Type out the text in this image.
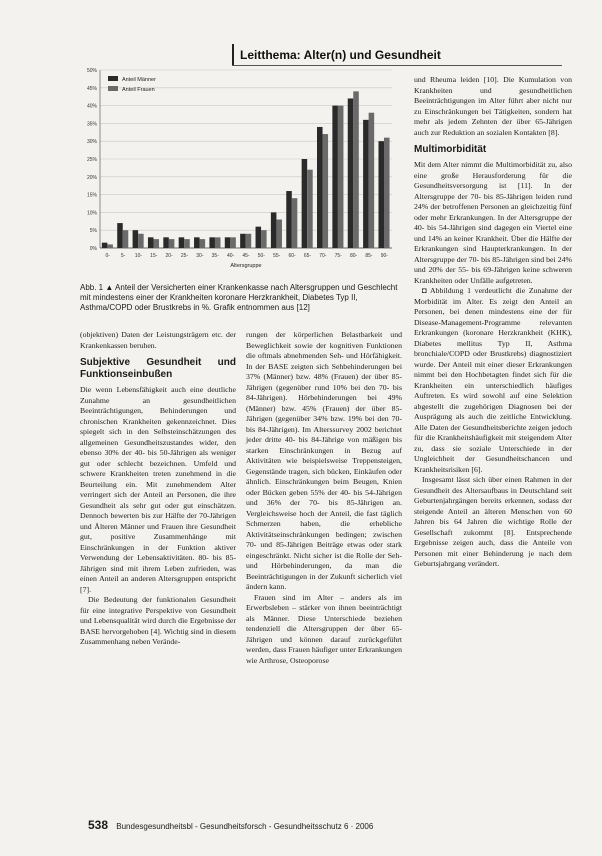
Leitthema: Alter(n) und Gesundheit
0%
5%
10%
15%
20%
25%
30%
35%
40%
45%
50%
0- 5- 10- 15- 20- 25- 30- 35- 40- 45- 50- 55- 60- 65- 70- 75- 80- 85- 90-
Altersgruppe
Anteil Männer
Anteil Frauen
Abb. 1 ▲ Anteil der Versicherten einer Krankenkasse nach Altersgruppen und Geschlecht mit mindestens einer der Krankheiten koronare Herzkrankheit, Diabetes Typ II, Asthma/COPD oder Brustkrebs in %. Grafik entnommen aus [12]

(objektiven) Daten der Leistungsträgern etc. der Krankenkassen beruhen.

Subjektive Gesundheit und Funktionseinbußen

Die wenn Lebensfähigkeit auch eine deutliche Zunahme an gesundheitlichen Beeinträchtigungen, Behinderungen und chronischen Krankheiten gekennzeichnet. Dies spiegelt sich in den Selbsteinschätzungen des allgemeinen Gesundheitszustandes wider, den ebenso 30% der 40- bis 50-Jährigen als weniger gut oder schlecht bezeichnen. Umfeld und schwere Krankheiten treten zunehmend in die Beurteilung ein. Mit zunehmendem Alter verringert sich der Anteil an Personen, die ihre Gesundheit als sehr gut oder gut einschätzen. Dennoch bewerten bis zur Hälfte der 70-Jährigen und Älteren Männer und Frauen ihre Gesundheit gut, positive Zusammenhänge mit Einschränkungen in der Funktion aktiver Verwendung der Lebensaktivitäten. 80- bis 85-Jährigen sind mit ihrem Leben zufrieden, was einen Anteil an anderen Altersgruppen entspricht [7].

Die Bedeutung der funktionalen Gesundheit für eine integrative Perspektive von Gesundheit und Lebensqualität wird durch die Ergebnisse der BASE hervorgehoben [4]. Wichtig sind in diesem Zusammenhang neben Verände-

rungen der körperlichen Belastbarkeit und Beweglichkeit sowie der kognitiven Funktionen die oftmals abnehmenden Seh- und Hörfähigkeit. In der BASE zeigten sich Sehbehinderungen bei 37% (Männer) bzw. 48% (Frauen) der über 85-Jährigen (gegenüber rund 10% bei den 70- bis 84-Jährigen). Hörbehinderungen bei 49% (Männer) bzw. 45% (Frauen) der über 85-Jährigen (gegenüber 34% bzw. 19% bei den 70- bis 84-Jährigen). Im Alterssurvey 2002 berichtet jeder dritte 40- bis 84-Jährige von mäßigen bis starken Einschränkungen in Bezug auf Aktivitäten wie beispielsweise Treppensteigen, Gegenstände tragen, sich bücken, Einkäufen oder ähnlich. Einschränkungen beim Beugen, Knien oder Bücken geben 55% der 40- bis 54-Jährigen und 36% der 70- bis 85-Jährigen an. Vergleichsweise hoch der Anteil, die fast täglich Schmerzen haben, die erhebliche Aktivitätseinschränkungen bedingen; zwischen 70- und 85-Jährigen Beiträge etwas oder stark eingeschränkt. Nicht sicher ist die Rolle der Seh- und Hörbehinderungen, da man die Beeinträchtigungen in der Zukunft sicherlich viel ändern kann.

Frauen sind im Alter – anders als im Erwerbsleben – stärker von ihnen beeinträchtigt als Männer. Diese Unterschiede beziehen tendenziell die Altersgruppen der über 65-Jährigen und können darauf zurückgeführt werden, dass Frauen häufiger unter Erkrankungen wie Arthrose, Osteoporose

und Rheuma leiden [10]. Die Kumulation von Krankheiten und gesundheitlichen Beeinträchtigungen im Alter führt aber nicht nur zu Einschränkungen bei Tätigkeiten, sondern hat mehr als jedem Zehnten der über 65-Jährigen auch zur Reduktion an sozialen Kontakten [8].

Multimorbidität

Mit dem Alter nimmt die Multimorbidität zu, also eine große Herausforderung für die Gesundheitsversorgung ist [11]. In der Altersgruppe der 70- bis 85-Jährigen leiden rund 24% der betroffenen Personen an gleichzeitig fünf oder mehr Erkrankungen. In der Altersgruppe der 40- bis 54-Jährigen sind dagegen ein Viertel eine und 14% an keiner Krankheit. Über die Hälfte der Erkrankungen sind Haupterkrankungen. In der Altersgruppe der 70- bis 85-Jährigen sind bei 24% und 20% der 55- bis 69-Jährigen keine schweren Krankheiten oder Unfälle aufgetreten.

◘ Abbildung 1 verdeutlicht die Zunahme der Morbidität im Alter. Es zeigt den Anteil an Personen, bei denen mindestens eine der für Disease-Management-Programme relevanten Erkrankungen (koronare Herzkrankheit (KHK), Diabetes mellitus Typ II, Asthma bronchiale/COPD oder Brustkrebs) diagnostiziert wurde. Der Anteil mit einer dieser Erkrankungen nimmt bei den Hochbetagten findet sich für die Krankheiten ein unterschiedlich häufiges Auftreten. Es wird sowohl auf eine Selektion abgestellt die zugehörigen Diagnosen bei der Ausprägung als auch die zeitliche Entwicklung. Alle Daten der Gesundheitsberichte zeigen jedoch für die Krankheitshäufigkeit mit steigendem Alter zu, dass sie soziale Unterschiede in der Ungleichheit der Gesundheitschancen und Krankheitsrisiken [6].

Insgesamt lässt sich über einen Rahmen in der Gesundheit des Altersaufbaus in Deutschland seit Geburtenjahrgängen bereits erkennen, sodass der steigende Anteil an älteren Menschen von 60 Jahren bis 64 Jahren die wichtige Rolle der Gesellschaft zukommt [8]. Entsprechende Ergebnisse zeigen auch, dass die Anteile von Personen mit einer Behinderung je nach dem Geburtsjahrgang verändert.

538 Bundesgesundheitsbl - Gesundheitsforsch - Gesundheitsschutz 6 · 2006
